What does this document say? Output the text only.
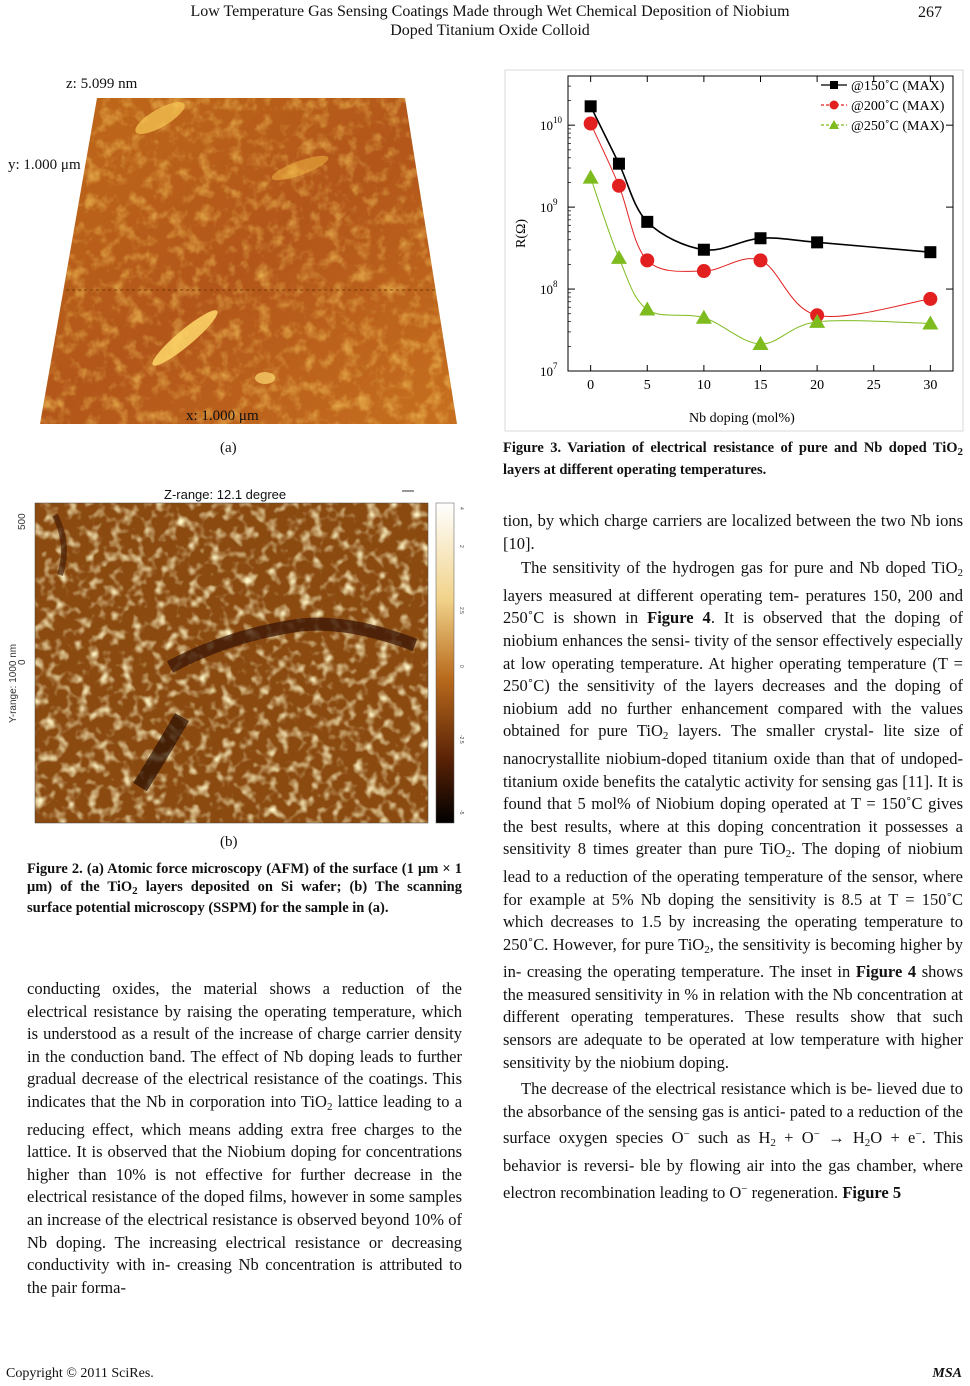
Low Temperature Gas Sensing Coatings Made through Wet Chemical Deposition of Niobium
Doped Titanium Oxide Colloid
267
z: 5.099 nm
y: 1.000 μm
x: 1.000 μm
(a)
Z-range: 12.1 degree
500
0
Y-range: 1000 nm
4
2
2.5
0
-2.5
-5
(b)
Figure 2. (a) Atomic force microscopy (AFM) of the surface (1 μm × 1 μm) of the TiO$_2$ layers deposited on Si wafer; (b) The scanning surface potential microscopy (SSPM) for the sample in (a).
conducting oxides, the material shows a reduction of the electrical resistance by raising the operating temperature, which is understood as a result of the increase of charge carrier density in the conduction band. The effect of Nb doping leads to further gradual decrease of the electrical resistance of the coatings. This indicates that the Nb in corporation into TiO$_2$ lattice leading to a reducing effect, which means adding extra free charges to the lattice. It is observed that the Niobium doping for concentrations higher than 10% is not effective for further decrease in the electrical resistance of the doped films, however in some samples an increase of the electrical resistance is observed beyond 10% of Nb doping. The increasing electrical resistance or decreasing conductivity with in- creasing Nb concentration is attributed to the pair forma-
0	5	10	15	20	25	30
$10^{10}$
$10^9$
$10^8$
$10^7$
R(Ω)
Nb doping (mol%)
@150˚C (MAX)
@200˚C (MAX)
@250˚C (MAX)
Figure 3. Variation of electrical resistance of pure and Nb doped TiO$_2$ layers at different operating temperatures.
tion, by which charge carriers are localized between the two Nb ions [10].
The sensitivity of the hydrogen gas for pure and Nb doped TiO$_2$ layers measured at different operating tem- peratures 150, 200 and 250˚C is shown in Figure 4. It is observed that the doping of niobium enhances the sensi- tivity of the sensor effectively especially at low operating temperature. At higher operating temperature (T = 250˚C) the sensitivity of the layers decreases and the doping of niobium add no further enhancement compared with the values obtained for pure TiO$_2$ layers. The smaller crystal- lite size of nanocrystallite niobium-doped titanium oxide than that of undoped-titanium oxide benefits the catalytic activity for sensing gas [11]. It is found that 5 mol% of Niobium doping operated at T = 150˚C gives the best results, where at this doping concentration it possesses a sensitivity 8 times greater than pure TiO$_2$. The doping of niobium lead to a reduction of the operating temperature of the sensor, where for example at 5% Nb doping the sensitivity is 8.5 at T = 150˚C which decreases to 1.5 by increasing the operating temperature to 250˚C. However, for pure TiO$_2$, the sensitivity is becoming higher by in- creasing the operating temperature. The inset in Figure 4 shows the measured sensitivity in % in relation with the Nb concentration at different operating temperatures. These results show that such sensors are adequate to be operated at low temperature with higher sensitivity by the niobium doping.
The decrease of the electrical resistance which is be- lieved due to the absorbance of the sensing gas is antici- pated to a reduction of the surface oxygen species O− such as $H_2 + O^- \to H_2O + e^-$. This behavior is reversi- ble by flowing air into the gas chamber, where electron recombination leading to O− regeneration. Figure 5
Copyright © 2011 SciRes.	MSA
